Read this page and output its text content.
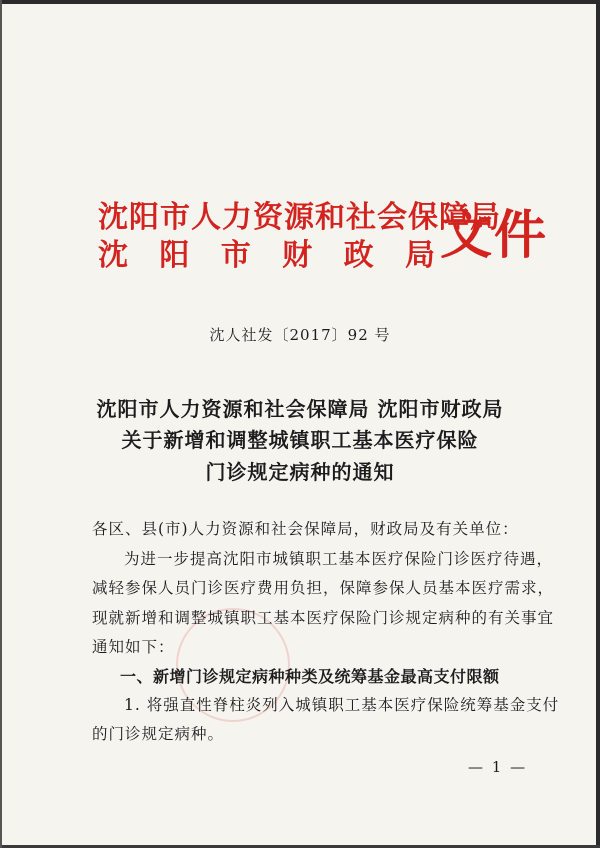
沈阳市人力资源和社会保障局
沈 阳 市 财 政 局 文件
沈人社发〔2017〕92 号
沈阳市人力资源和社会保障局 沈阳市财政局
关于新增和调整城镇职工基本医疗保险
门诊规定病种的通知
各区、县(市)人力资源和社会保障局，财政局及有关单位：
为进一步提高沈阳市城镇职工基本医疗保险门诊医疗待遇，
减轻参保人员门诊医疗费用负担，保障参保人员基本医疗需求，
现就新增和调整城镇职工基本医疗保险门诊规定病种的有关事宜
通知如下：
一、新增门诊规定病种种类及统筹基金最高支付限额
1. 将强直性脊柱炎列入城镇职工基本医疗保险统筹基金支付
的门诊规定病种。
— 1 —
